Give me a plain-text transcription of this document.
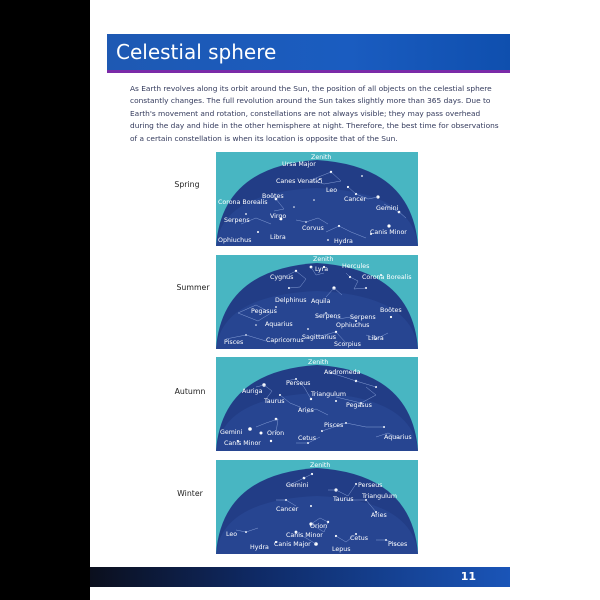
Celestial sphere
As Earth revolves along its orbit around the Sun, the position of all objects on the celestial sphere constantly changes. The full revolution around the Sun takes slightly more than 365 days. Due to Earth's movement and rotation, constellations are not always visible; they may pass overhead during the day and hide in the other hemisphere at night. Therefore, the best time for observations of a certain constellation is when its location is opposite that of the Sun.
Spring
Zenith
Ursa Major
Canes Venatici
Leo
Boötes	Cancer
Corona Borealis
Gemini
Serpens
Virgo
Corvus
Canis Minor
Ophiuchus	Libra
Hydra
Summer
Zenith
Lyra Hercules
Cygnus	Corona Borealis
Delphinus Aquila
Pegasus
Serpens
Boötes
Aquarius
Serpens
Ophiuchus
Pisces	Capricornus
Sagittarius	Libra
Scorpius
Autumn
Zenith
Andromeda
Perseus
Auriga	Triangulum
Taurus
Pegasus
Aries
Pisces
Gemini	Orion
Cetus	Aquarius
Canis Minor
Winter
Zenith
Gemini	Perseus
Taurus Triangulum
Cancer
Aries
Orion
Canis Minor	Cetus
Leo
Hydra Canis Major
Lepus
Pisces
11
